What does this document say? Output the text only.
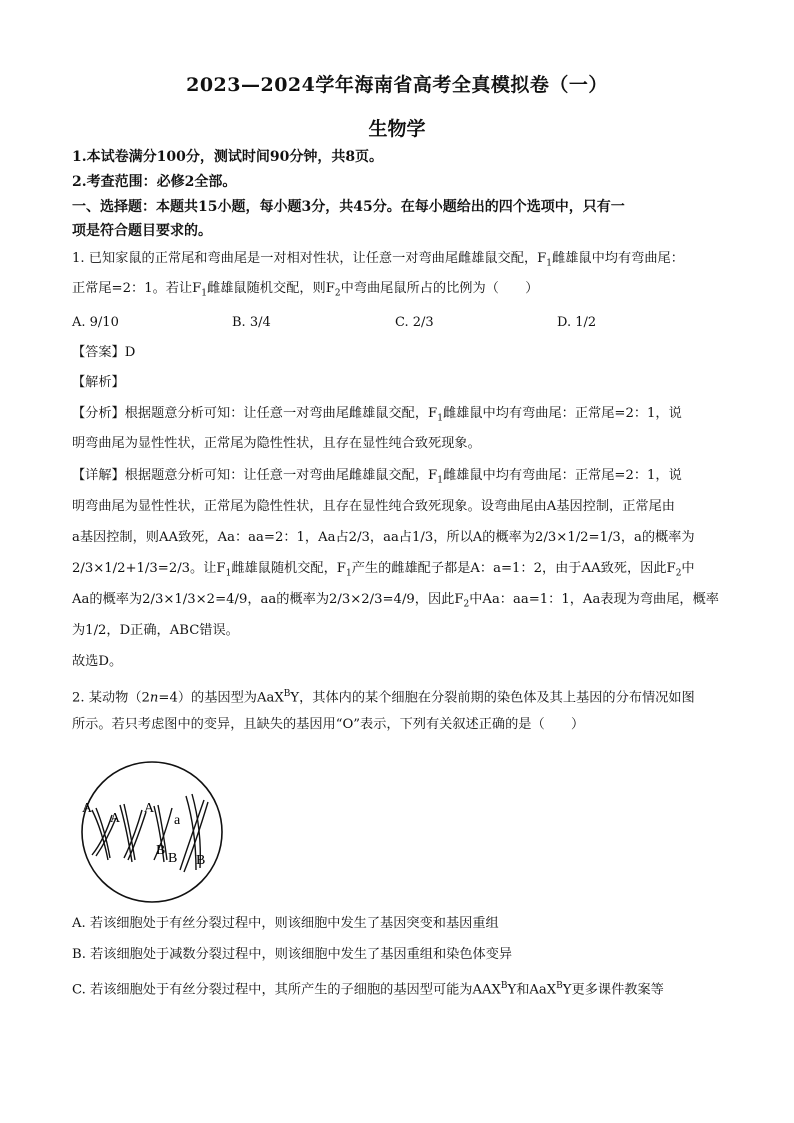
2023—2024学年海南省高考全真模拟卷（一）
生物学
1.本试卷满分100分，测试时间90分钟，共8页。
2.考查范围：必修2全部。
一、选择题：本题共15小题，每小题3分，共45分。在每小题给出的四个选项中，只有一
项是符合题目要求的。
1. 已知家鼠的正常尾和弯曲尾是一对相对性状，让任意一对弯曲尾雌雄鼠交配，$F_1$雌雄鼠中均有弯曲尾：
正常尾=2：1。若让$F_1$雌雄鼠随机交配，则$F_2$中弯曲尾鼠所占的比例为（　　）
A. 9/10	B. 3/4	C. 2/3	D. 1/2
【答案】D
【解析】
【分析】根据题意分析可知：让任意一对弯曲尾雌雄鼠交配，$F_1$雌雄鼠中均有弯曲尾：正常尾=2：1，说
明弯曲尾为显性性状，正常尾为隐性性状，且存在显性纯合致死现象。
【详解】根据题意分析可知：让任意一对弯曲尾雌雄鼠交配，$F_1$雌雄鼠中均有弯曲尾：正常尾=2：1，说
明弯曲尾为显性性状，正常尾为隐性性状，且存在显性纯合致死现象。设弯曲尾由A基因控制，正常尾由
a基因控制，则AA致死，Aa：aa=2：1，Aa占2/3，aa占1/3，所以A的概率为2/3×1/2=1/3，a的概率为
2/3×1/2+1/3=2/3。让$F_1$雌雄鼠随机交配，$F_1$产生的雌雄配子都是A：a=1：2，由于AA致死，因此$F_2$中
Aa的概率为2/3×1/3×2=4/9，aa的概率为2/3×2/3=4/9，因此$F_2$中Aa：aa=1：1，Aa表现为弯曲尾，概率
为1/2，D正确，ABC错误。
故选D。
2. 某动物（2n=4）的基因型为AaX$^B$Y，其体内的某个细胞在分裂前期的染色体及其上基因的分布情况如图
所示。若只考虑图中的变异，且缺失的基因用“O”表示，下列有关叙述正确的是（　　）
A
A
A
a
B
B B
A. 若该细胞处于有丝分裂过程中，则该细胞中发生了基因突变和基因重组
B. 若该细胞处于减数分裂过程中，则该细胞中发生了基因重组和染色体变异
C. 若该细胞处于有丝分裂过程中，其所产生的子细胞的基因型可能为$AAX^BY$和AaX$^B$Y更多课件教案等
